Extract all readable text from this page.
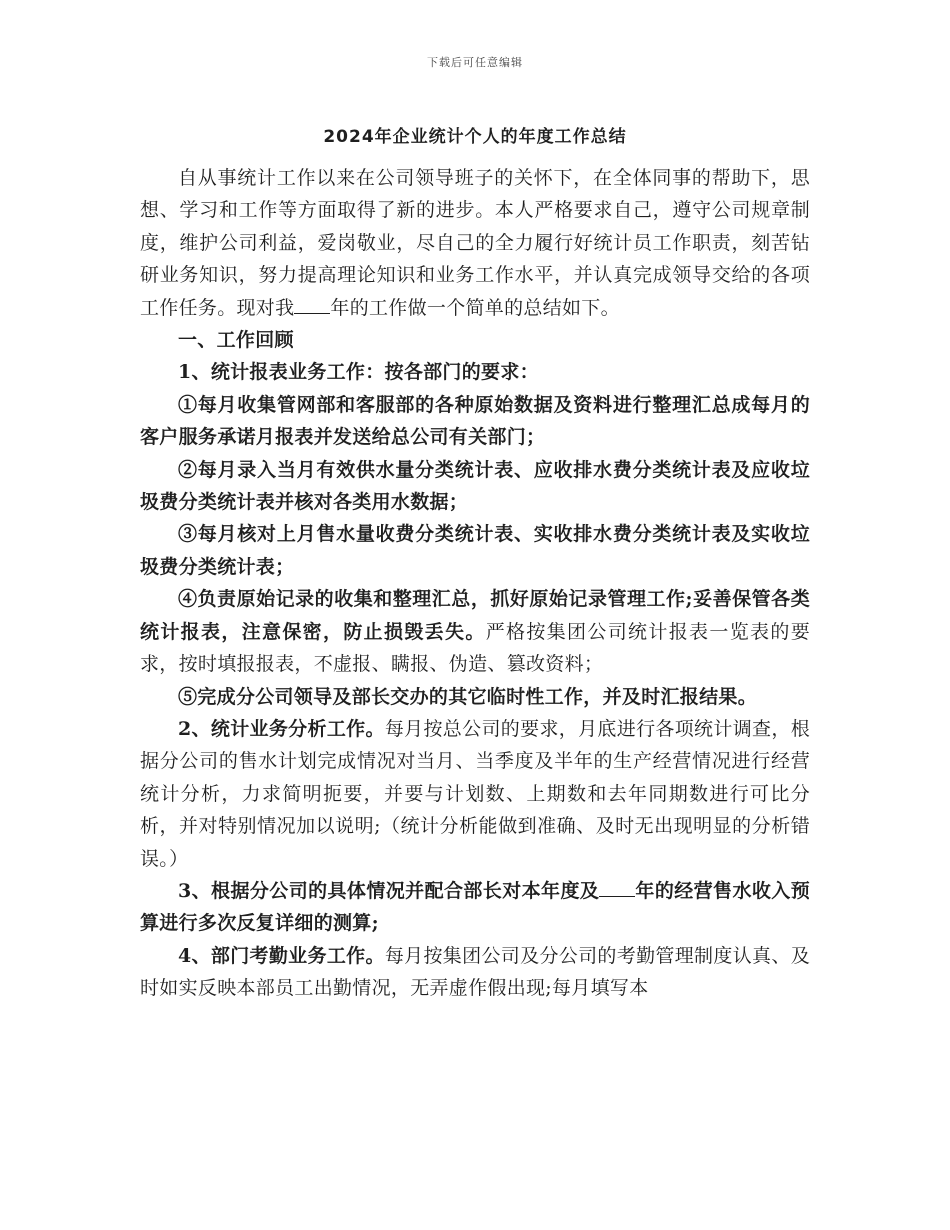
下载后可任意编辑
2024年企业统计个人的年度工作总结

自从事统计工作以来在公司领导班子的关怀下，在全体同事的帮助下，思想、学习和工作等方面取得了新的进步。本人严格要求自己，遵守公司规章制度，维护公司利益，爱岗敬业，尽自己的全力履行好统计员工作职责，刻苦钻研业务知识，努力提高理论知识和业务工作水平，并认真完成领导交给的各项工作任务。现对我 年的工作做一个简单的总结如下。

一、工作回顾

1、统计报表业务工作：按各部门的要求：

①每月收集管网部和客服部的各种原始数据及资料进行整理汇总成每月的客户服务承诺月报表并发送给总公司有关部门；

②每月录入当月有效供水量分类统计表、应收排水费分类统计表及应收垃圾费分类统计表并核对各类用水数据；

③每月核对上月售水量收费分类统计表、实收排水费分类统计表及实收垃圾费分类统计表；

④负责原始记录的收集和整理汇总，抓好原始记录管理工作;妥善保管各类统计报表，注意保密，防止损毁丢失。严格按集团公司统计报表一览表的要求，按时填报报表，不虚报、瞒报、伪造、篡改资料；

⑤完成分公司领导及部长交办的其它临时性工作，并及时汇报结果。

2、统计业务分析工作。每月按总公司的要求，月底进行各项统计调查，根据分公司的售水计划完成情况对当月、当季度及半年的生产经营情况进行经营统计分析，力求简明扼要，并要与计划数、上期数和去年同期数进行可比分析，并对特别情况加以说明;（统计分析能做到准确、及时无出现明显的分析错误。）

3、根据分公司的具体情况并配合部长对本年度及 年的经营售水收入预算进行多次反复详细的测算;

4、部门考勤业务工作。每月按集团公司及分公司的考勤管理制度认真、及时如实反映本部员工出勤情况，无弄虚作假出现;每月填写本
